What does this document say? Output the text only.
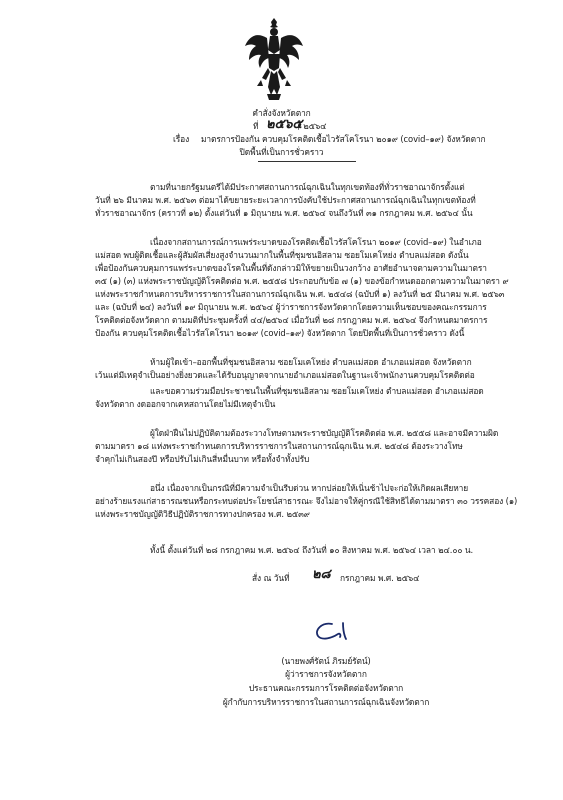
คำสั่งจังหวัดตาก
ที่ ๒๕๖๕
/ ๒๕๖๔
เรื่อง มาตรการป้องกัน ควบคุมโรคติดเชื้อไวรัสโคโรนา ๒๐๑๙ (covid–๑๙) จังหวัดตาก
ปิดพื้นที่เป็นการชั่วคราว
ตามที่นายกรัฐมนตรีได้มีประกาศสถานการณ์ฉุกเฉินในทุกเขตท้องที่ทั่วราชอาณาจักรตั้งแต่
วันที่ ๒๖ มีนาคม พ.ศ. ๒๕๖๓ ต่อมาได้ขยายระยะเวลาการบังคับใช้ประกาศสถานการณ์ฉุกเฉินในทุกเขตท้องที่
ทั่วราชอาณาจักร (คราวที่ ๑๒) ตั้งแต่วันที่ ๑ มิถุนายน พ.ศ. ๒๕๖๔ จนถึงวันที่ ๓๑ กรกฎาคม พ.ศ. ๒๕๖๔ นั้น
เนื่องจากสถานการณ์การแพร่ระบาดของโรคติดเชื้อไวรัสโคโรนา ๒๐๑๙ (covid–๑๙) ในอำเภอ
แม่สอด พบผู้ติดเชื้อและผู้สัมผัสเสี่ยงสูงจำนวนมากในพื้นที่ชุมชนอิสลาม ซอยโมเคโหย่ง ตำบลแม่สอด ดังนั้น
เพื่อป้องกันควบคุมการแพร่ระบาดของโรคในพื้นที่ดังกล่าวมิให้ขยายเป็นวงกว้าง อาศัยอำนาจตามความในมาตรา
๓๕ (๑) (๓) แห่งพระราชบัญญัติโรคติดต่อ พ.ศ. ๒๕๕๘ ประกอบกับข้อ ๗ (๑) ของข้อกำหนดออกตามความในมาตรา ๙
แห่งพระราชกำหนดการบริหารราชการในสถานการณ์ฉุกเฉิน พ.ศ. ๒๕๔๘ (ฉบับที่ ๑) ลงวันที่ ๒๕ มีนาคม พ.ศ. ๒๕๖๓
และ (ฉบับที่ ๒๔) ลงวันที่ ๑๙ มิถุนายน พ.ศ. ๒๕๖๔ ผู้ว่าราชการจังหวัดตากโดยความเห็นชอบของคณะกรรมการ
โรคติดต่อจังหวัดตาก ตามมติที่ประชุมครั้งที่ ๔๔/๒๕๖๔ เมื่อวันที่ ๒๘ กรกฎาคม พ.ศ. ๒๕๖๔ จึงกำหนดมาตรการ
ป้องกัน ควบคุมโรคติดเชื้อไวรัสโคโรนา ๒๐๑๙ (covid–๑๙) จังหวัดตาก โดยปิดพื้นที่เป็นการชั่วคราว ดังนี้
ห้ามผู้ใดเข้า–ออกพื้นที่ชุมชนอิสลาม ซอยโมเคโหย่ง ตำบลแม่สอด อำเภอแม่สอด จังหวัดตาก
เว้นแต่มีเหตุจำเป็นอย่างยิ่งยวดและได้รับอนุญาตจากนายอำเภอแม่สอดในฐานะเจ้าพนักงานควบคุมโรคติดต่อ
และขอความร่วมมือประชาชนในพื้นที่ชุมชนอิสลาม ซอยโมเคโหย่ง ตำบลแม่สอด อำเภอแม่สอด
จังหวัดตาก งดออกจากเคหสถานโดยไม่มีเหตุจำเป็น
ผู้ใดฝ่าฝืนไม่ปฏิบัติตามต้องระวางโทษตามพระราชบัญญัติโรคติดต่อ พ.ศ. ๒๕๕๘ และอาจมีความผิด
ตามมาตรา ๑๘ แห่งพระราชกำหนดการบริหารราชการในสถานการณ์ฉุกเฉิน พ.ศ. ๒๕๔๘ ต้องระวางโทษ
จำคุกไม่เกินสองปี หรือปรับไม่เกินสี่หมื่นบาท หรือทั้งจำทั้งปรับ
อนึ่ง เนื่องจากเป็นกรณีที่มีความจำเป็นรีบด่วน หากปล่อยให้เนิ่นช้าไปจะก่อให้เกิดผลเสียหาย
อย่างร้ายแรงแก่สาธารณชนหรือกระทบต่อประโยชน์สาธารณะ จึงไม่อาจให้คู่กรณีใช้สิทธิได้ตามมาตรา ๓๐ วรรคสอง (๑)
แห่งพระราชบัญญัติวิธีปฏิบัติราชการทางปกครอง พ.ศ. ๒๕๓๙
ทั้งนี้ ตั้งแต่วันที่ ๒๘ กรกฎาคม พ.ศ. ๒๕๖๔ ถึงวันที่ ๑๐ สิงหาคม พ.ศ. ๒๕๖๔ เวลา ๒๔.๐๐ น.
สั่ง ณ วันที่ ๒๘ กรกฎาคม พ.ศ. ๒๕๖๔
(นายพงศ์รัตน์ ภิรมย์รัตน์)
ผู้ว่าราชการจังหวัดตาก
ประธานคณะกรรมการโรคติดต่อจังหวัดตาก
ผู้กำกับการบริหารราชการในสถานการณ์ฉุกเฉินจังหวัดตาก
